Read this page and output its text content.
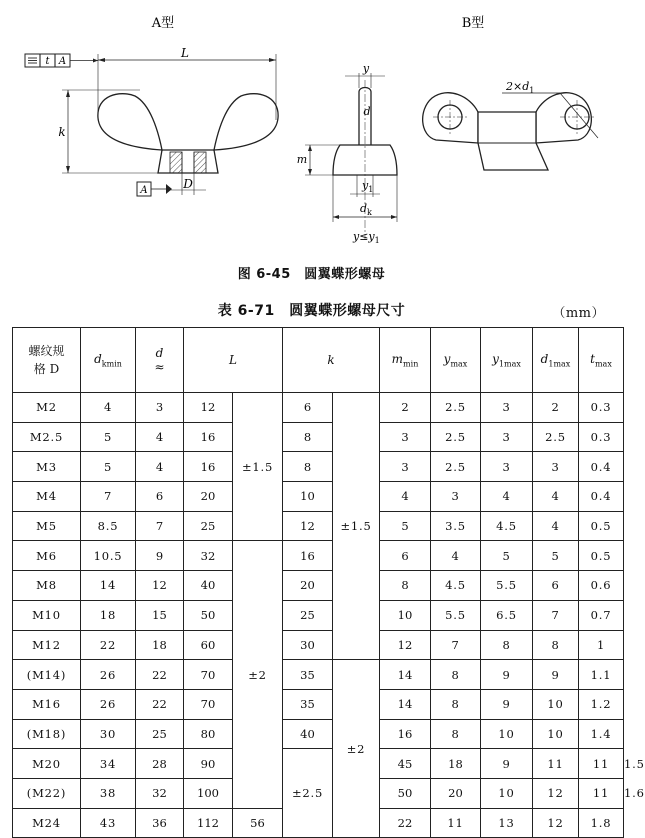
A型	B型
L
k
D
A
t A
y
d
m
$y_1$
$d_k$
$y\le y_1$
$2\times d_1$
图 6-45　圆翼蝶形螺母
表 6-71　圆翼蝶形螺母尺寸	（mm）
螺纹规
格 D	$d_{kmin}$	d
≈	L		k		$m_{min}$	$y_{max}$	$y_{1max}$	$d_{1max}$	$t_{max}$
M2	4	3	12	±1.5	6	±1.5	2	2.5	3	2	0.3	
M2.5	5	4	16		8		3	2.5	3	2.5	0.3	
M3	5	4	16		8		3	2.5	3	3	0.4	
M4	7	6	20		10		4	3	4	4	0.4	
M5	8.5	7	25		12		5	3.5	4.5	4	0.5	
M6	10.5	9	32	±2	16		6	4	5	5	0.5	
M8	14	12	40		20		8	4.5	5.5	6	0.6	
M10	18	15	50		25		10	5.5	6.5	7	0.7	
M12	22	18	60		30		12	7	8	8	1	
(M14)	26	22	70		35	±2	14	8	9	9	1.1	
M16	26	22	70		35		14	8	9	10	1.2	
(M18)	30	25	80		40		16	8	10	10	1.4	
M20	34	28	90		±2.5		45	18	9	11	11	1.5
(M22)	38	32	100				50	20	10	12	11	1.6
M24	43	36	112	56			22	11	13	12	1.8	
